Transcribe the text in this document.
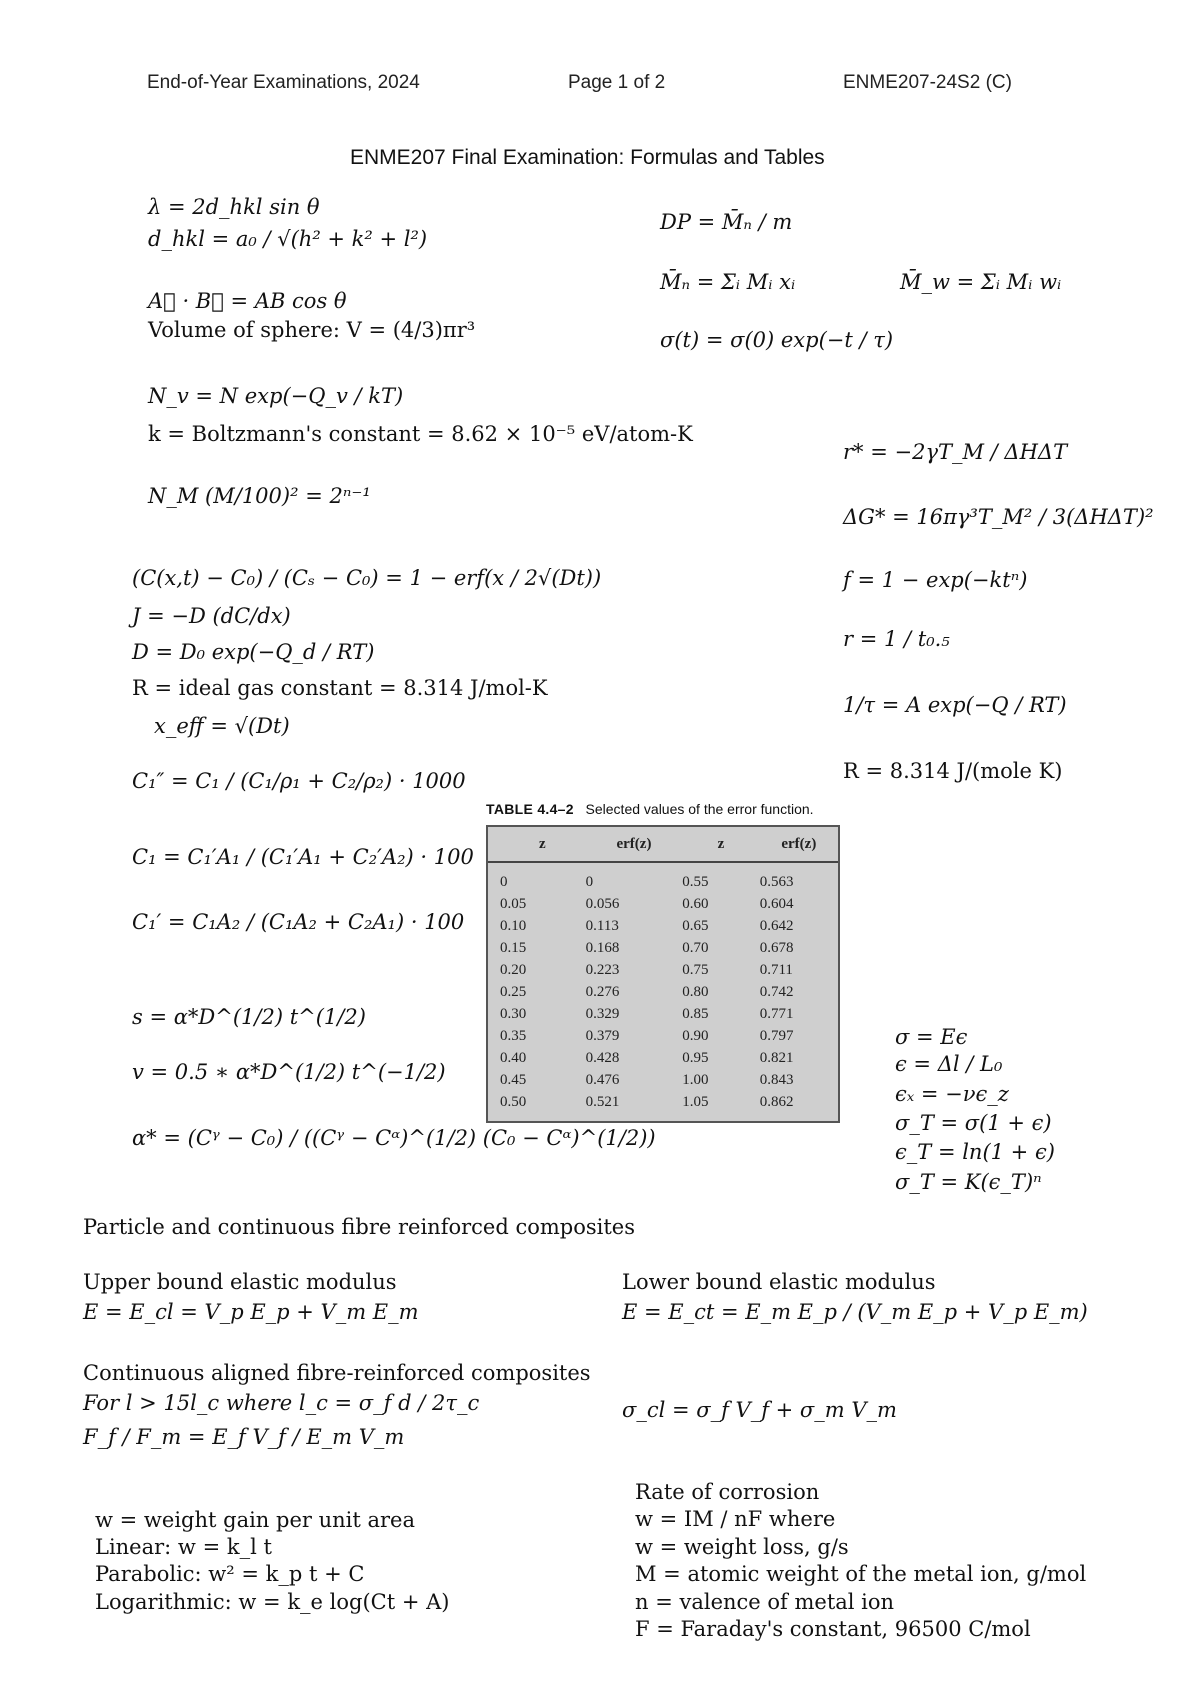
End-of-Year Examinations, 2024	Page 1 of 2	ENME207-24S2 (C)
ENME207 Final Examination: Formulas and Tables
λ = 2d_hkl sin θ
d_hkl = a₀ / √(h² + k² + l²)
A⃗ · B⃗ = AB cos θ
Volume of sphere: V = (4/3)πr³
N_v = N exp(−Q_v / kT)
k = Boltzmann's constant = 8.62 × 10⁻⁵ eV/atom-K
N_M (M/100)² = 2ⁿ⁻¹
(C(x,t) − C₀) / (Cₛ − C₀) = 1 − erf(x / 2√(Dt))
J = −D (dC/dx)
D = D₀ exp(−Q_d / RT)
R = ideal gas constant = 8.314 J/mol-K
x_eff = √(Dt)
C₁″ = C₁ / (C₁/ρ₁ + C₂/ρ₂) · 1000
C₁ = C₁′A₁ / (C₁′A₁ + C₂′A₂) · 100
C₁′ = C₁A₂ / (C₁A₂ + C₂A₁) · 100
s = α*D^(1/2) t^(1/2)
v = 0.5 ∗ α*D^(1/2) t^(−1/2)
α* = (Cᵞ − C₀) / ((Cᵞ − Cᵅ)^(1/2) (C₀ − Cᵅ)^(1/2))
DP = M̄ₙ / m
M̄ₙ = Σᵢ Mᵢ xᵢ	M̄_w = Σᵢ Mᵢ wᵢ
σ(t) = σ(0) exp(−t / τ)
r* = −2γT_M / ΔHΔT
ΔG* = 16πγ³T_M² / 3(ΔHΔT)²
f = 1 − exp(−ktⁿ)
r = 1 / t₀.₅
1/τ = A exp(−Q / RT)
R = 8.314 J/(mole K)
σ = Eϵ
ϵ = Δl / L₀
ϵₓ = −νϵ_z
σ_T = σ(1 + ϵ)
ϵ_T = ln(1 + ϵ)
σ_T = K(ϵ_T)ⁿ
TABLE 4.4–2 Selected values of the error function.
z	erf(z)	z	erf(z)
0	0	0.55	0.563
0.05	0.056	0.60	0.604
0.10	0.113	0.65	0.642
0.15	0.168	0.70	0.678
0.20	0.223	0.75	0.711
0.25	0.276	0.80	0.742
0.30	0.329	0.85	0.771
0.35	0.379	0.90	0.797
0.40	0.428	0.95	0.821
0.45	0.476	1.00	0.843
0.50	0.521	1.05	0.862
Particle and continuous fibre reinforced composites
Upper bound elastic modulus
E = E_cl = V_p E_p + V_m E_m
Lower bound elastic modulus
E = E_ct = E_m E_p / (V_m E_p + V_p E_m)
Continuous aligned fibre-reinforced composites
For l > 15l_c where l_c = σ_f d / 2τ_c
F_f / F_m = E_f V_f / E_m V_m
σ_cl = σ_f V_f + σ_m V_m
w = weight gain per unit area
Linear: w = k_l t
Parabolic: w² = k_p t + C
Logarithmic: w = k_e log(Ct + A)
Rate of corrosion
w = IM / nF where
w = weight loss, g/s
M = atomic weight of the metal ion, g/mol
n = valence of metal ion
F = Faraday's constant, 96500 C/mol
